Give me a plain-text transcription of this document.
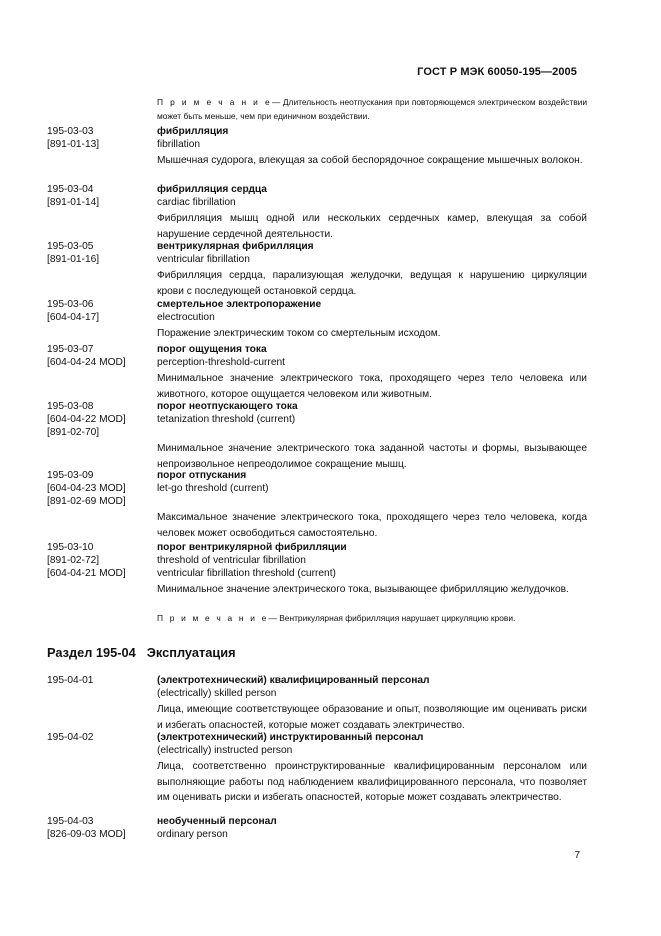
ГОСТ Р МЭК 60050-195—2005
П р и м е ч а н и е— Длительность неотпускания при повторяющемся электрическом воздействии может быть меньше, чем при единичном воздействии.
195-03-03
[891-01-13]
фибрилляция
fibrillation
Мышечная судорога, влекущая за собой беспорядочное сокращение мышечных волокон.
195-03-04
[891-01-14]
фибрилляция сердца
cardiac fibrillation
Фибрилляция мышц одной или нескольких сердечных камер, влекущая за собой нарушение сердечной деятельности.
195-03-05
[891-01-16]
вентрикулярная фибрилляция
ventricular fibrillation
Фибрилляция сердца, парализующая желудочки, ведущая к нарушению циркуляции крови с последующей остановкой сердца.
195-03-06
[604-04-17]
смертельное электропоражение
electrocution
Поражение электрическим током со смертельным исходом.
195-03-07
[604-04-24 MOD]
порог ощущения тока
perception-threshold-current
Минимальное значение электрического тока, проходящего через тело человека или животного, которое ощущается человеком или животным.
195-03-08
[604-04-22 MOD]
[891-02-70]
порог неотпускающего тока
tetanization threshold (current)
Минимальное значение электрического тока заданной частоты и формы, вызывающее непроизвольное непреодолимое сокращение мышц.
195-03-09
[604-04-23 MOD]
[891-02-69 MOD]
порог отпускания
let-go threshold (current)
Максимальное значение электрического тока, проходящего через тело человека, когда человек может освободиться самостоятельно.
195-03-10
[891-02-72]
[604-04-21 MOD]
порог вентрикулярной фибрилляции
threshold of ventricular fibrillation
ventricular fibrillation threshold (current)
Минимальное значение электрического тока, вызывающее фибрилляцию желудочков.
П р и м е ч а н и е— Вентрикулярная фибрилляция нарушает циркуляцию крови.
Раздел 195-04 Эксплуатация
195-04-01	(электротехнический) квалифицированный персонал
(electrically) skilled person
Лица, имеющие соответствующее образование и опыт, позволяющие им оценивать риски и избегать опасностей, которые может создавать электричество.
195-04-02	(электротехнический) инструктированный персонал
(electrically) instructed person
Лица, соответственно проинструктированные квалифицированным персоналом или выполняющие работы под наблюдением квалифицированного персонала, что позволяет им оценивать риски и избегать опасностей, которые может создавать электричество.
195-04-03
[826-09-03 MOD]
необученный персонал
ordinary person
7
